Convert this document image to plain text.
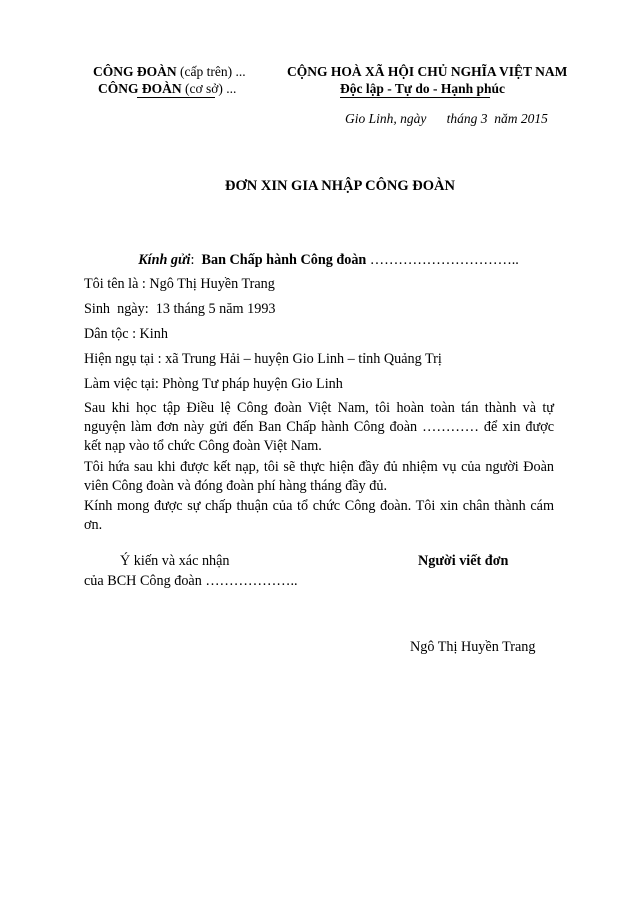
CÔNG ĐOÀN (cấp trên) ...
CÔNG ĐOÀN (cơ sở) ...
CỘNG HOÀ XÃ HỘI CHỦ NGHĨA VIỆT NAM
Độc lập - Tự do - Hạnh phúc
Gio Linh, ngày      tháng 3  năm 2015
ĐƠN XIN GIA NHẬP CÔNG ĐOÀN

Kính gửi: Ban Chấp hành Công đoàn …………………………..

Tôi tên là : Ngô Thị Huyền Trang
Sinh  ngày:  13 tháng 5 năm 1993
Dân tộc : Kinh
Hiện ngụ tại : xã Trung Hải – huyện Gio Linh – tỉnh Quảng Trị
Làm việc tại: Phòng Tư pháp huyện Gio Linh
Sau khi học tập Điều lệ Công đoàn Việt Nam, tôi hoàn toàn tán thành và tự nguyện làm đơn này gửi đến Ban Chấp hành Công đoàn ………… để xin được kết nạp vào tổ chức Công đoàn Việt Nam.
Tôi hứa sau khi được kết nạp, tôi sẽ thực hiện đầy đủ nhiệm vụ của người Đoàn viên Công đoàn và đóng đoàn phí hàng tháng đầy đủ.
Kính mong được sự chấp thuận của tổ chức Công đoàn. Tôi xin chân thành cám ơn.
Ý kiến và xác nhận
của BCH Công đoàn ………………..
Người viết đơn
Ngô Thị Huyền Trang
